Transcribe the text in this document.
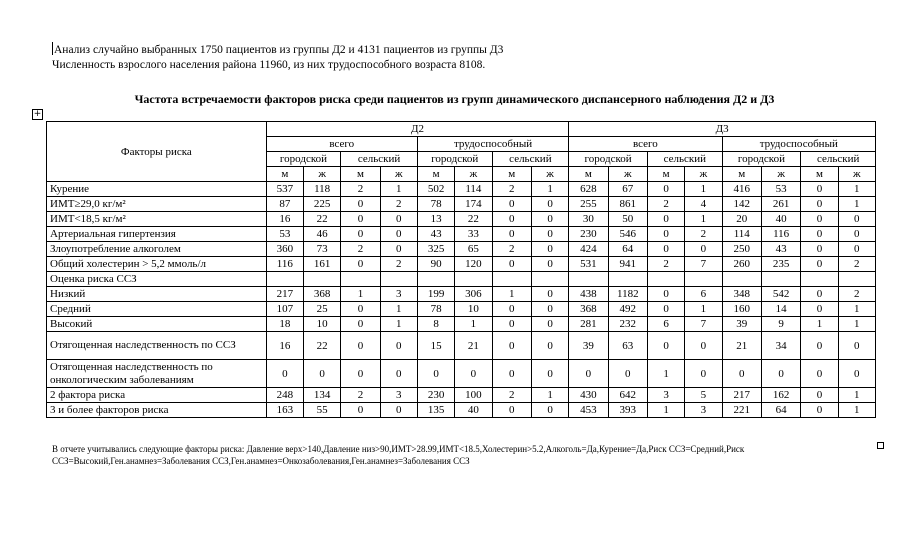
Анализ случайно выбранных 1750 пациентов из группы Д2 и 4131 пациентов из группы Д3
Численность взрослого населения района 11960, из них трудоспособного возраста 8108.
Частота встречаемости факторов риска среди пациентов из групп динамического диспансерного наблюдения Д2 и Д3
+
Факторы риска	Д2								Д3							
	всего				трудоспособный				всего				трудоспособный			
	городской		сельский		городской		сельский		городской		сельский		городской		сельский	
	м	ж	м	ж	м	ж	м	ж	м	ж	м	ж	м	ж	м	ж
Курение	537	118	2	1	502	114	2	1	628	67	0	1	416	53	0	1
ИМТ≥29,0 кг/м²	87	225	0	2	78	174	0	0	255	861	2	4	142	261	0	1
ИМТ<18,5 кг/м²	16	22	0	0	13	22	0	0	30	50	0	1	20	40	0	0
Артериальная гипертензия	53	46	0	0	43	33	0	0	230	546	0	2	114	116	0	0
Злоупотребление алкоголем	360	73	2	0	325	65	2	0	424	64	0	0	250	43	0	0
Общий холестерин > 5,2 ммоль/л	116	161	0	2	90	120	0	0	531	941	2	7	260	235	0	2
Оценка риска ССЗ																
Низкий	217	368	1	3	199	306	1	0	438	1182	0	6	348	542	0	2
Средний	107	25	0	1	78	10	0	0	368	492	0	1	160	14	0	1
Высокий	18	10	0	1	8	1	0	0	281	232	6	7	39	9	1	1
Отягощенная наследственность по ССЗ	16	22	0	0	15	21	0	0	39	63	0	0	21	34	0	0
Отягощенная наследственность по онкологическим заболеваниям	0	0	0	0	0	0	0	0	0	0	1	0	0	0	0	0
2 фактора риска	248	134	2	3	230	100	2	1	430	642	3	5	217	162	0	1
3 и более факторов риска	163	55	0	0	135	40	0	0	453	393	1	3	221	64	0	1
В отчете учитывались следующие факторы риска: Давление верх>140,Давление низ>90,ИМТ>28.99,ИМТ<18.5,Холестерин>5.2,Алкоголь=Да,Курение=Да,Риск ССЗ=Средний,Риск ССЗ=Высокий,Ген.анамнез=Заболевания ССЗ,Ген.анамнез=Онкозаболевания,Ген.анамнез=Заболевания ССЗ
